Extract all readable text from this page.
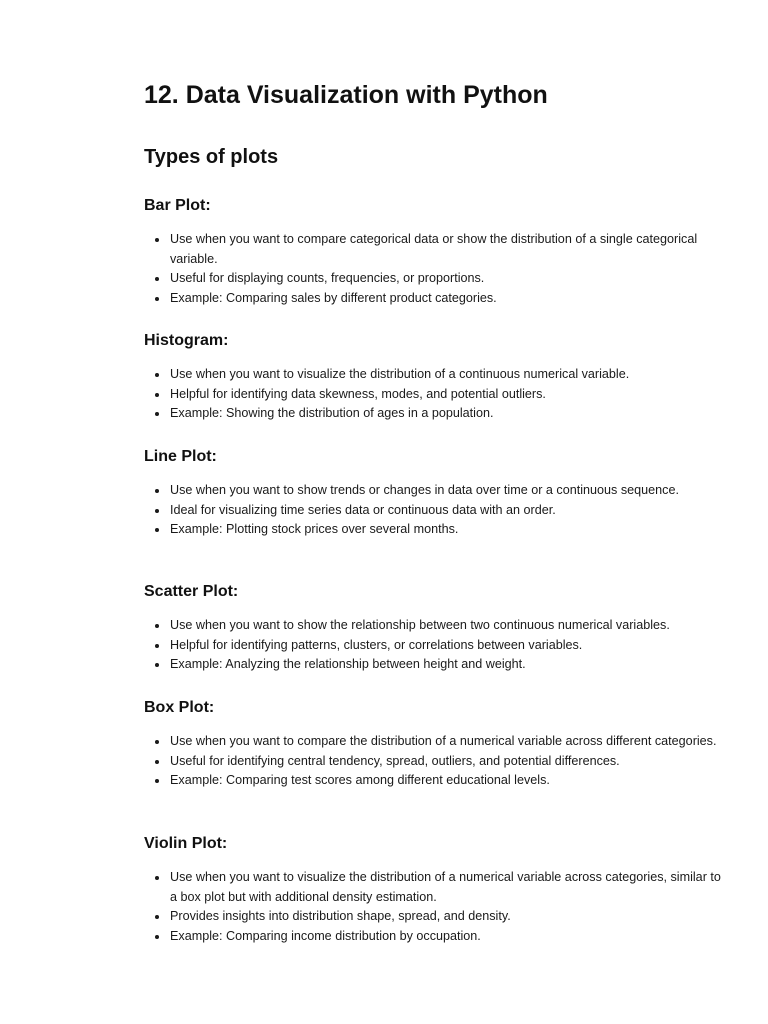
12. Data Visualization with Python
Types of plots
Bar Plot:
Use when you want to compare categorical data or show the distribution of a single categorical variable.
Useful for displaying counts, frequencies, or proportions.
Example: Comparing sales by different product categories.
Histogram:
Use when you want to visualize the distribution of a continuous numerical variable.
Helpful for identifying data skewness, modes, and potential outliers.
Example: Showing the distribution of ages in a population.
Line Plot:
Use when you want to show trends or changes in data over time or a continuous sequence.
Ideal for visualizing time series data or continuous data with an order.
Example: Plotting stock prices over several months.
Scatter Plot:
Use when you want to show the relationship between two continuous numerical variables.
Helpful for identifying patterns, clusters, or correlations between variables.
Example: Analyzing the relationship between height and weight.
Box Plot:
Use when you want to compare the distribution of a numerical variable across different categories.
Useful for identifying central tendency, spread, outliers, and potential differences.
Example: Comparing test scores among different educational levels.
Violin Plot:
Use when you want to visualize the distribution of a numerical variable across categories, similar to a box plot but with additional density estimation.
Provides insights into distribution shape, spread, and density.
Example: Comparing income distribution by occupation.
